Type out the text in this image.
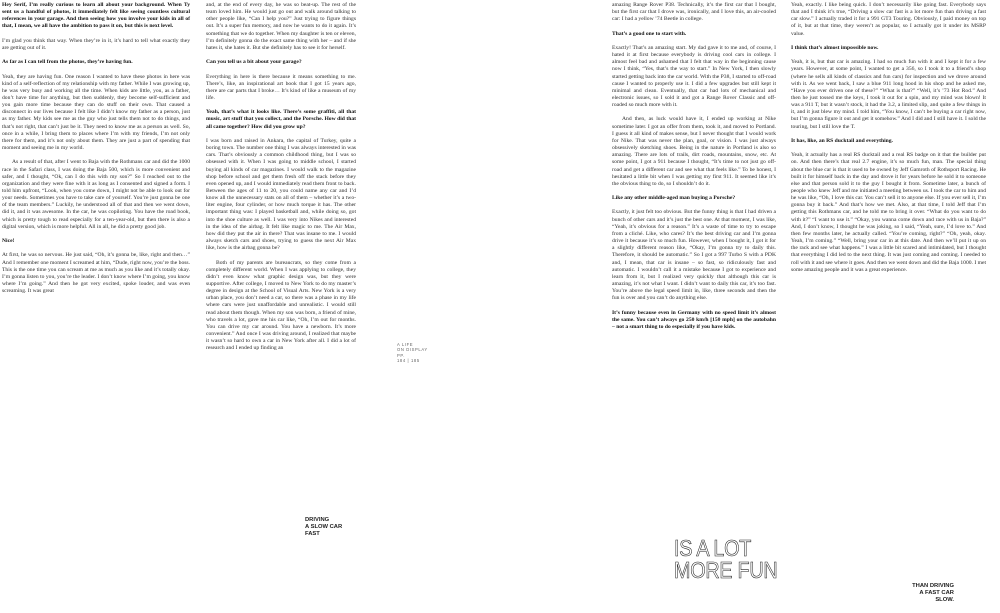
Hey Serif, I’m really curious to learn all about your background. When Ty sent us a handful of photos, it immediately felt like seeing countless cultural references in your garage. And then seeing how you involve your kids in all of that, I mean, we all have the ambition to pass it on, but this is next level.

I’m glad you think that way. When they’re in it, it’s hard to tell what exactly they are getting out of it.

As far as I can tell from the photos, they’re having fun.

Yeah, they are having fun. One reason I wanted to have these photos in here was kind of a self-reflection of my relationship with my father. While I was growing up, he was very busy and working all the time. When kids are little, you, as a father, don’t have time for anything, but then suddenly, they become self-sufficient and you gain more time because they can do stuff on their own. That caused a disconnect in our lives because I felt like I didn’t know my father as a person, just as my father. My kids see me as the guy who just tells them not to do things, and that’s not right, that can’t just be it. They need to know me as a person as well. So, once in a while, I bring them to places where I’m with my friends, I’m not only there for them, and it’s not only about them. They are just a part of spending that moment and seeing me in my world.

As a result of that, after I went to Baja with the Rothmans car and did the 1000 race in the Safari class, I was doing the Baja 500, which is more convenient and safer, and I thought, “Ok, can I do this with my son?” So I reached out to the organization and they were fine with it as long as I consented and signed a form. I told him upfront, “Look, when you come down, I might not be able to look out for your needs. Sometimes you have to take care of yourself. You’re just gonna be one of the team members.” Luckily, he understood all of that and then we went down, did it, and it was awesome. In the car, he was copiloting. You have the road book, which is pretty tough to read especially for a ten-year-old, but then there is also a digital version, which is more helpful. All in all, he did a pretty good job.

Nice!

At first, he was so nervous. He just said, “Oh, it’s gonna be, like, right and then…” And I remember one moment I screamed at him, “Dude, right now, you’re the boss. This is the one time you can scream at me as much as you like and it’s totally okay. I’m gonna listen to you, you’re the leader. I don’t know where I’m going, you know where I’m going.” And then he got very excited, spoke louder, and was even screaming. It was great

and, at the end of every day, he was so beat-up. The rest of the team loved him. He would just go out and walk around talking to other people like, “Can I help you?” Just trying to figure things out. It’s a super fun memory, and now he wants to do it again. It’s something that we do together. When my daughter is ten or eleven, I’m definitely gonna do the exact same thing with her – and if she hates it, she hates it. But she definitely has to see it for herself.

Can you tell us a bit about your garage?

Everything in here is there because it means something to me. There’s, like, an inspirational art book that I got 15 years ago, there are car parts that I broke… It’s kind of like a museum of my life.

Yeah, that’s what it looks like. There’s some graffiti, all that music, art stuff that you collect, and the Porsche. How did that all came together? How did you grow up?

I was born and raised in Ankara, the capital of Turkey, quite a boring town. The number one thing I was always interested in was cars. That’s obviously a common childhood thing, but I was so obsessed with it. When I was going to middle school, I started buying all kinds of car magazines. I would walk to the magazine shop before school and get them fresh off the stack before they even opened up, and I would immediately read them front to back. Between the ages of 11 to 20, you could name any car and I’d know all the unnecessary stats on all of them – whether it’s a two-liter engine, four cylinder, or how much torque it has. The other important thing was: I played basketball and, while doing so, got into the shoe culture as well. I was very into Nikes and interested in the idea of the airbag. It felt like magic to me. The Air Max, how did they put the air in there? That was insane to me. I would always sketch cars and shoes, trying to guess the next Air Max like, how is the airbag gonna be?

Both of my parents are bureaucrats, so they come from a completely different world. When I was applying to college, they didn’t even know what graphic design was, but they were supportive. After college, I moved to New York to do my master’s degree in design at the School of Visual Arts. New York is a very urban place, you don’t need a car, so there was a phase in my life where cars were just unaffordable and unrealistic. I would still read about them though. When my son was born, a friend of mine, who travels a lot, gave me his car like, “Oh, I’m out for months. You can drive my car around. You have a newborn. It’s more convenient.” And once I was driving around, I realized that maybe it wasn’t so hard to own a car in New York after all. I did a lot of research and I ended up finding an

amazing Range Rover P38. Technically, it’s the first car that I bought, but the first car that I drove was, ironically, and I love this, an air-cooled car: I had a yellow ’74 Beetle in college.

That’s a good one to start with.

Exactly! That’s an amazing start. My dad gave it to me and, of course, I hated it at first because everybody is driving cool cars in college. I almost feel bad and ashamed that I felt that way in the beginning cause now I think, “Yes, that’s the way to start.” In New York, I then slowly started getting back into the car world. With the P38, I started to off-road cause I wanted to properly use it. I did a few upgrades but still kept it minimal and clean. Eventually, that car had lots of mechanical and electronic issues, so I sold it and got a Range Rover Classic and off-roaded so much more with it.

And then, as luck would have it, I ended up working at Nike sometime later. I got an offer from them, took it, and moved to Portland. I guess it all kind of makes sense, but I never thought that I would work for Nike. That was never the plan, goal, or vision. I was just always obsessively sketching shoes. Being in the nature in Portland is also so amazing. There are lots of trails, dirt roads, mountains, snow, etc. At some point, I got a 911 because I thought, “It’s time to not just go off-road and get a different car and see what that feels like.” To be honest, I hesitated a little bit when I was getting my first 911. It seemed like it’s the obvious thing to do, so I shouldn’t do it.

Like any other middle-aged man buying a Porsche?

Exactly, it just felt too obvious. But the funny thing is that I had driven a bunch of other cars and it’s just the best one. At that moment, I was like, “Yeah, it’s obvious for a reason.” It’s a waste of time to try to escape from a cliché. Like, who cares? It’s the best driving car and I’m gonna drive it because it’s so much fun. However, when I bought it, I got it for a slightly different reason like, “Okay, I’m gonna try to daily this. Therefore, it should be automatic.” So I got a 997 Turbo S with a PDK and, I mean, that car is insane – so fast, so ridiculously fast and automatic. I wouldn’t call it a mistake because I got to experience and learn from it, but I realized very quickly that although this car is amazing, it’s not what I want. I didn’t want to daily this car, it’s too fast. You’re above the legal speed limit in, like, three seconds and then the fun is over and you can’t do anything else.

It’s funny because even in Germany with no speed limit it’s almost the same. You can’t always go 250 km/h [150 mph] on the autobahn – not a smart thing to do especially if you have kids.

Yeah, exactly. I like being quick. I don’t necessarily like going fast. Everybody says that and I think it’s true, “Driving a slow car fast is a lot more fun than driving a fast car slow.” I actually traded it for a 991 GT3 Touring. Obviously, I paid money on top of it, but at that time, they weren’t as popular, so I actually got it under its MSRP value.

I think that’s almost impossible now.

Yeah, it is, but that car is amazing. I had so much fun with it and I kept it for a few years. However, at some point, I wanted to get a 356, so I took it to a friend’s shop (where he sells all kinds of classics and fun cars) for inspection and we drove around with it. As we went back, I saw a blue 911 long hood in his shop and he asked me, “Have you ever driven one of these?” “What is that?” “Well, it’s ’73 Hot Rod.” And then he just tossed me the keys, I took it out for a spin, and my mind was blown! It was a 911 T, but it wasn’t stock, it had the 3.2, a limited slip, and quite a few things in it, and it just blew my mind. I told him, “You know, I can’t be buying a car right now, but I’m gonna figure it out and get it somehow.” And I did and I still have it. I sold the touring, but I still love the T.

It has, like, an RS ducktail and everything.

Yeah, it actually has a real RS ducktail and a real RS badge on it that the builder put on. And then there’s that real 2.7 engine, it’s so much fun, man. The special thing about the blue car is that it used to be owned by Jeff Gamroth of Rothsport Racing. He built it for himself back in the day and drove it for years before he sold it to someone else and that person sold it to the guy I bought it from. Sometime later, a bunch of people who knew Jeff and me initiated a meeting between us. I took the car to him and he was like, “Oh, I love this car. You can’t sell it to anyone else. If you ever sell it, I’m gonna buy it back.” And that’s how we met. Also, at that time, I told Jeff that I’m getting this Rothmans car, and he told me to bring it over. “What do you want to do with it?” “I want to use it.” “Okay, you wanna come down and race with us in Baja?” And, I don’t know, I thought he was joking, so I said, “Yeah, sure, I’d love to.” And then few months later, he actually called. “You’re coming, right?” “Oh, yeah, okay. Yeah, I’m coming.” “Well, bring your car in at this date. And then we’ll put it up on the rack and see what happens.” I was a little bit scared and intimidated, but I thought that everything I did led to the next thing. It was just coming and coming. I needed to roll with it and see where it goes. And then we went down and did the Baja 1000. I met some amazing people and it was a great experience.

A LIFE
ON DISPLAY
PP.
184 | 185
DRIVING
A SLOW CAR
FAST
IS A LOT
MORE FUN
THAN DRIVING
A FAST CAR
SLOW.
